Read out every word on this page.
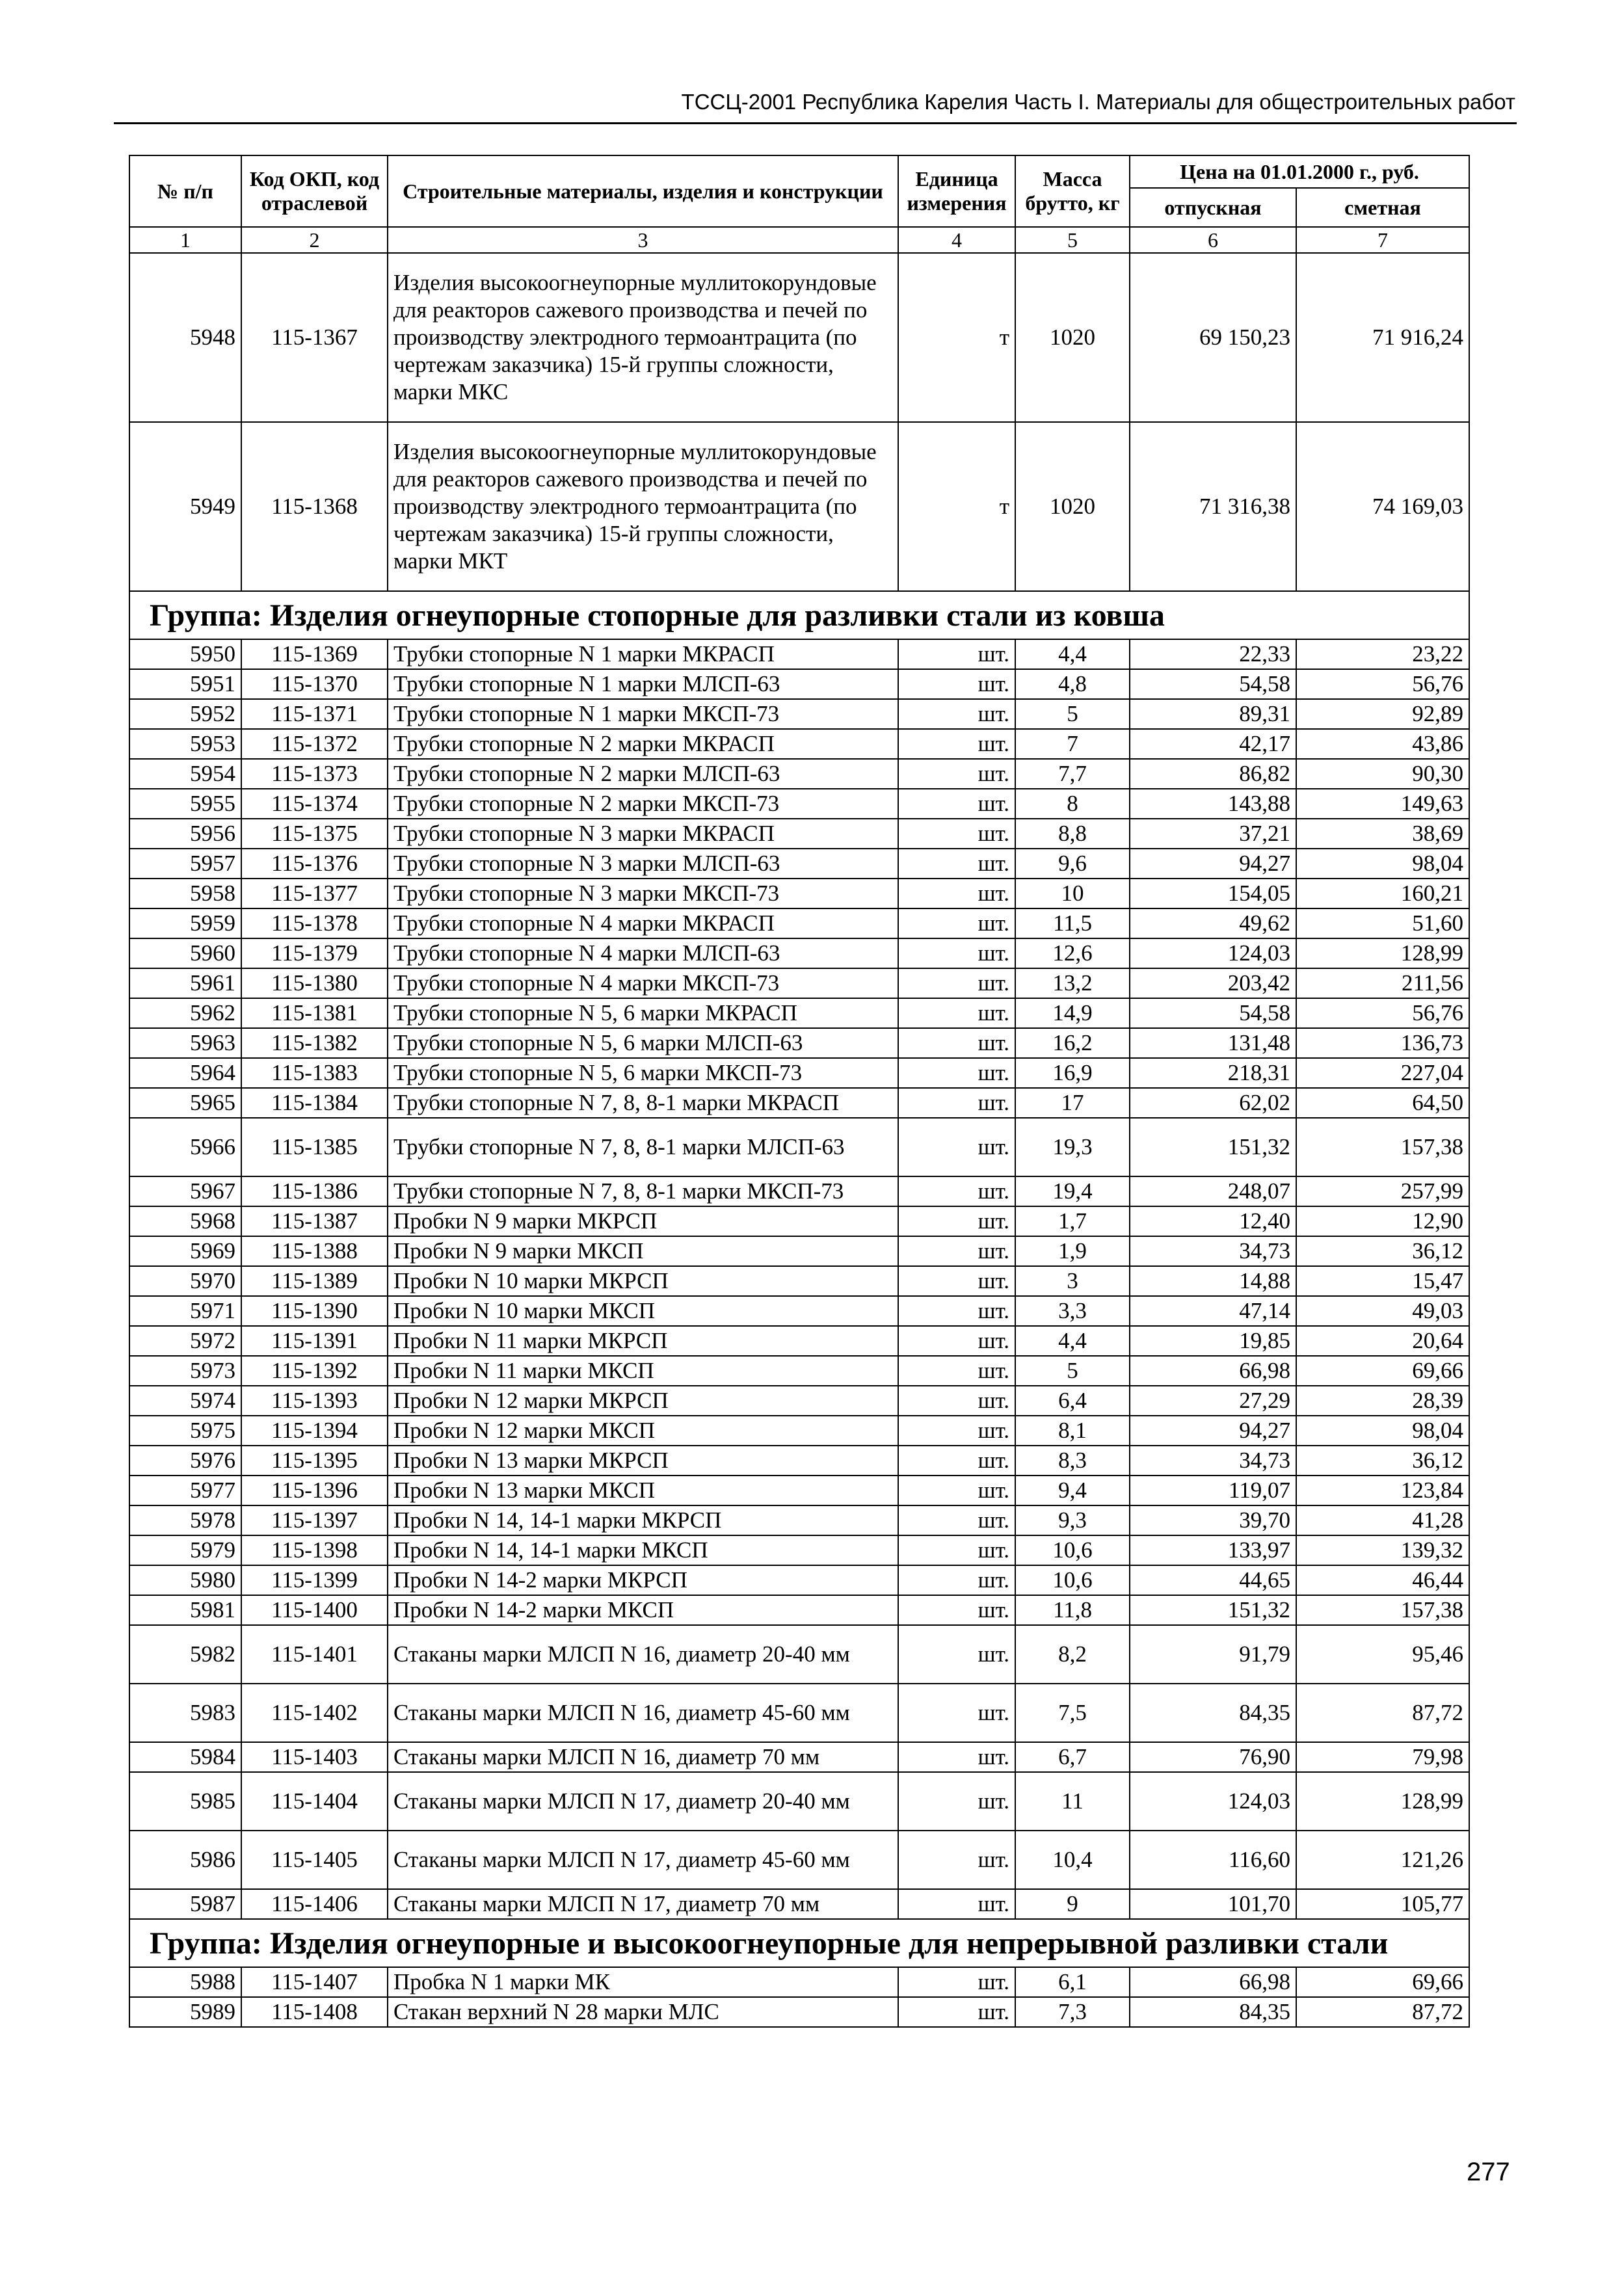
ТССЦ-2001 Республика Карелия Часть I. Материалы для общестроительных работ
№ п/п	Код ОКП, код отраслевой	Строительные материалы, изделия и конструкции	Единица измерения	Масса брутто, кг	Цена на 01.01.2000 г., руб.	
					отпускная	сметная
1	2	3	4	5	6	7
5948	115-1367	Изделия высокоогнеупорные муллитокорундовые для реакторов сажевого производства и печей по производству электродного термоантрацита (по чертежам заказчика) 15-й группы сложности, марки МКС	т	1020	69 150,23	71 916,24
5949	115-1368	Изделия высокоогнеупорные муллитокорундовые для реакторов сажевого производства и печей по производству электродного термоантрацита (по чертежам заказчика) 15-й группы сложности, марки МКТ	т	1020	71 316,38	74 169,03
Группа: Изделия огнеупорные стопорные для разливки стали из ковша						
5950	115-1369	Трубки стопорные N 1 марки МКРАСП	шт.	4,4	22,33	23,22
5951	115-1370	Трубки стопорные N 1 марки МЛСП-63	шт.	4,8	54,58	56,76
5952	115-1371	Трубки стопорные N 1 марки МКСП-73	шт.	5	89,31	92,89
5953	115-1372	Трубки стопорные N 2 марки МКРАСП	шт.	7	42,17	43,86
5954	115-1373	Трубки стопорные N 2 марки МЛСП-63	шт.	7,7	86,82	90,30
5955	115-1374	Трубки стопорные N 2 марки МКСП-73	шт.	8	143,88	149,63
5956	115-1375	Трубки стопорные N 3 марки МКРАСП	шт.	8,8	37,21	38,69
5957	115-1376	Трубки стопорные N 3 марки МЛСП-63	шт.	9,6	94,27	98,04
5958	115-1377	Трубки стопорные N 3 марки МКСП-73	шт.	10	154,05	160,21
5959	115-1378	Трубки стопорные N 4 марки МКРАСП	шт.	11,5	49,62	51,60
5960	115-1379	Трубки стопорные N 4 марки МЛСП-63	шт.	12,6	124,03	128,99
5961	115-1380	Трубки стопорные N 4 марки МКСП-73	шт.	13,2	203,42	211,56
5962	115-1381	Трубки стопорные N 5, 6 марки МКРАСП	шт.	14,9	54,58	56,76
5963	115-1382	Трубки стопорные N 5, 6 марки МЛСП-63	шт.	16,2	131,48	136,73
5964	115-1383	Трубки стопорные N 5, 6 марки МКСП-73	шт.	16,9	218,31	227,04
5965	115-1384	Трубки стопорные N 7, 8, 8-1 марки МКРАСП	шт.	17	62,02	64,50
5966	115-1385	Трубки стопорные N 7, 8, 8-1 марки МЛСП-63	шт.	19,3	151,32	157,38
5967	115-1386	Трубки стопорные N 7, 8, 8-1 марки МКСП-73	шт.	19,4	248,07	257,99
5968	115-1387	Пробки N 9 марки МКРСП	шт.	1,7	12,40	12,90
5969	115-1388	Пробки N 9 марки МКСП	шт.	1,9	34,73	36,12
5970	115-1389	Пробки N 10 марки МКРСП	шт.	3	14,88	15,47
5971	115-1390	Пробки N 10 марки МКСП	шт.	3,3	47,14	49,03
5972	115-1391	Пробки N 11 марки МКРСП	шт.	4,4	19,85	20,64
5973	115-1392	Пробки N 11 марки МКСП	шт.	5	66,98	69,66
5974	115-1393	Пробки N 12 марки МКРСП	шт.	6,4	27,29	28,39
5975	115-1394	Пробки N 12 марки МКСП	шт.	8,1	94,27	98,04
5976	115-1395	Пробки N 13 марки МКРСП	шт.	8,3	34,73	36,12
5977	115-1396	Пробки N 13 марки МКСП	шт.	9,4	119,07	123,84
5978	115-1397	Пробки N 14, 14-1 марки МКРСП	шт.	9,3	39,70	41,28
5979	115-1398	Пробки N 14, 14-1 марки МКСП	шт.	10,6	133,97	139,32
5980	115-1399	Пробки N 14-2 марки МКРСП	шт.	10,6	44,65	46,44
5981	115-1400	Пробки N 14-2 марки МКСП	шт.	11,8	151,32	157,38
5982	115-1401	Стаканы марки МЛСП N 16, диаметр 20-40 мм	шт.	8,2	91,79	95,46
5983	115-1402	Стаканы марки МЛСП N 16, диаметр 45-60 мм	шт.	7,5	84,35	87,72
5984	115-1403	Стаканы марки МЛСП N 16, диаметр 70 мм	шт.	6,7	76,90	79,98
5985	115-1404	Стаканы марки МЛСП N 17, диаметр 20-40 мм	шт.	11	124,03	128,99
5986	115-1405	Стаканы марки МЛСП N 17, диаметр 45-60 мм	шт.	10,4	116,60	121,26
5987	115-1406	Стаканы марки МЛСП N 17, диаметр 70 мм	шт.	9	101,70	105,77
Группа: Изделия огнеупорные и высокоогнеупорные для непрерывной разливки стали						
5988	115-1407	Пробка N 1 марки МК	шт.	6,1	66,98	69,66
5989	115-1408	Стакан верхний N 28 марки МЛС	шт.	7,3	84,35	87,72
277
